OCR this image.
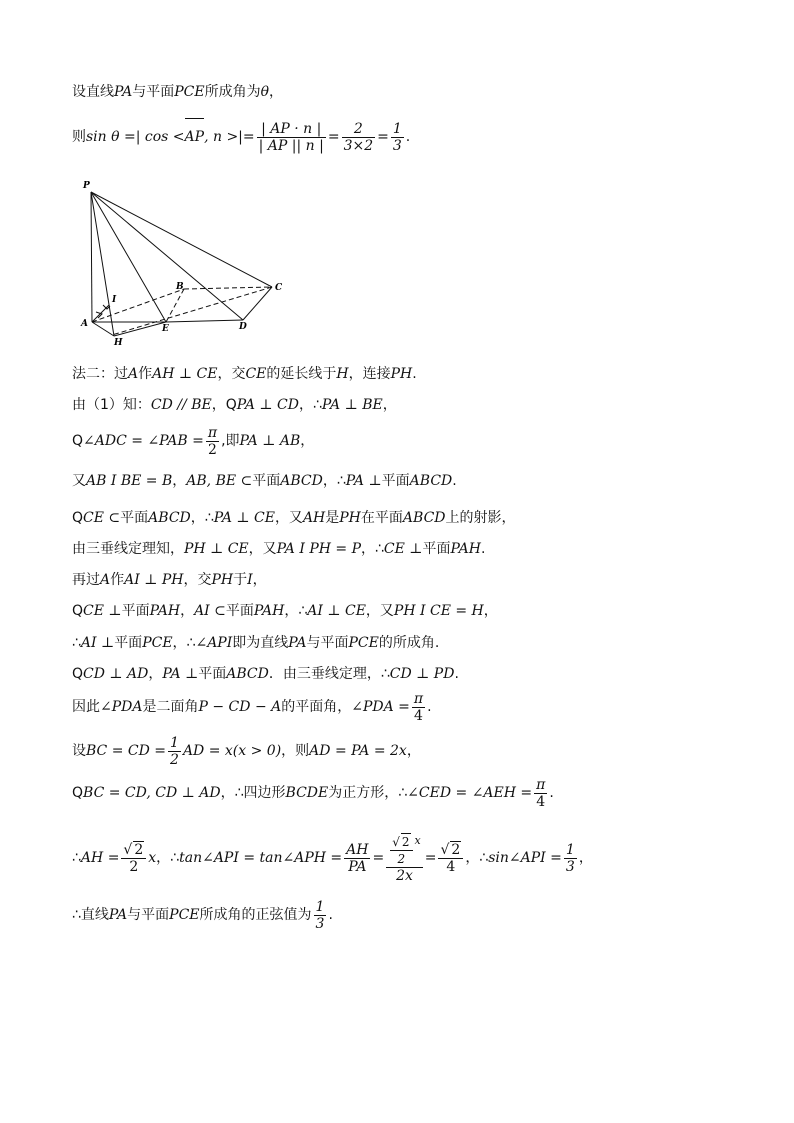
设直线PA与平面PCE所成角为θ，
则sin θ =| cos <AP, n >|= $\frac{| AP \cdot n |}{| AP || n |} = \frac{2}{3\times 2} = \frac{1}{3}$ .
P
C
B
I
A	E	D
H
法二：过A作AH ⊥ CE，交CE的延长线于H，连接PH.
由（1）知：CD // BE，QPA ⊥ CD，∴PA ⊥ BE，
Q∠ADC = ∠PAB = $\frac{\pi}{2}$ ,即PA ⊥ AB，
又AB I BE = B，AB, BE ⊂平面ABCD，∴PA ⊥平面ABCD.
QCE ⊂平面ABCD，∴PA ⊥ CE，又AH是PH在平面ABCD上的射影，
由三垂线定理知，PH ⊥ CE，又PA I PH = P，∴CE ⊥平面PAH.
再过A作AI ⊥ PH，交PH于I，
QCE ⊥平面PAH，AI ⊂平面PAH，∴AI ⊥ CE，又PH I CE = H，
∴AI ⊥平面PCE，∴∠API即为直线PA与平面PCE的所成角.
QCD ⊥ AD，PA ⊥平面ABCD．由三垂线定理，∴CD ⊥ PD.
因此∠PDA是二面角P − CD − A的平面角，∠PDA = $\frac{\pi}{4}$ .
设BC = CD = $\frac{1}{2}$ AD = x(x > 0)，则AD = PA = 2x，
QBC = CD, CD ⊥ AD，∴四边形BCDE为正方形，∴∠CED = ∠AEH = $\frac{\pi}{4}$ .
∴AH = $\frac{√ 2}{2}$ x，∴tan∠API = tan∠APH = $\frac{AH}{PA} = \frac{\frac{√ 2}{2} ^x}{2x} = \frac{√ 2}{4}$ ，∴sin∠API = $\frac{1}{3}$ ，
∴直线PA与平面PCE所成角的正弦值为 $\frac{1}{3}$ .
